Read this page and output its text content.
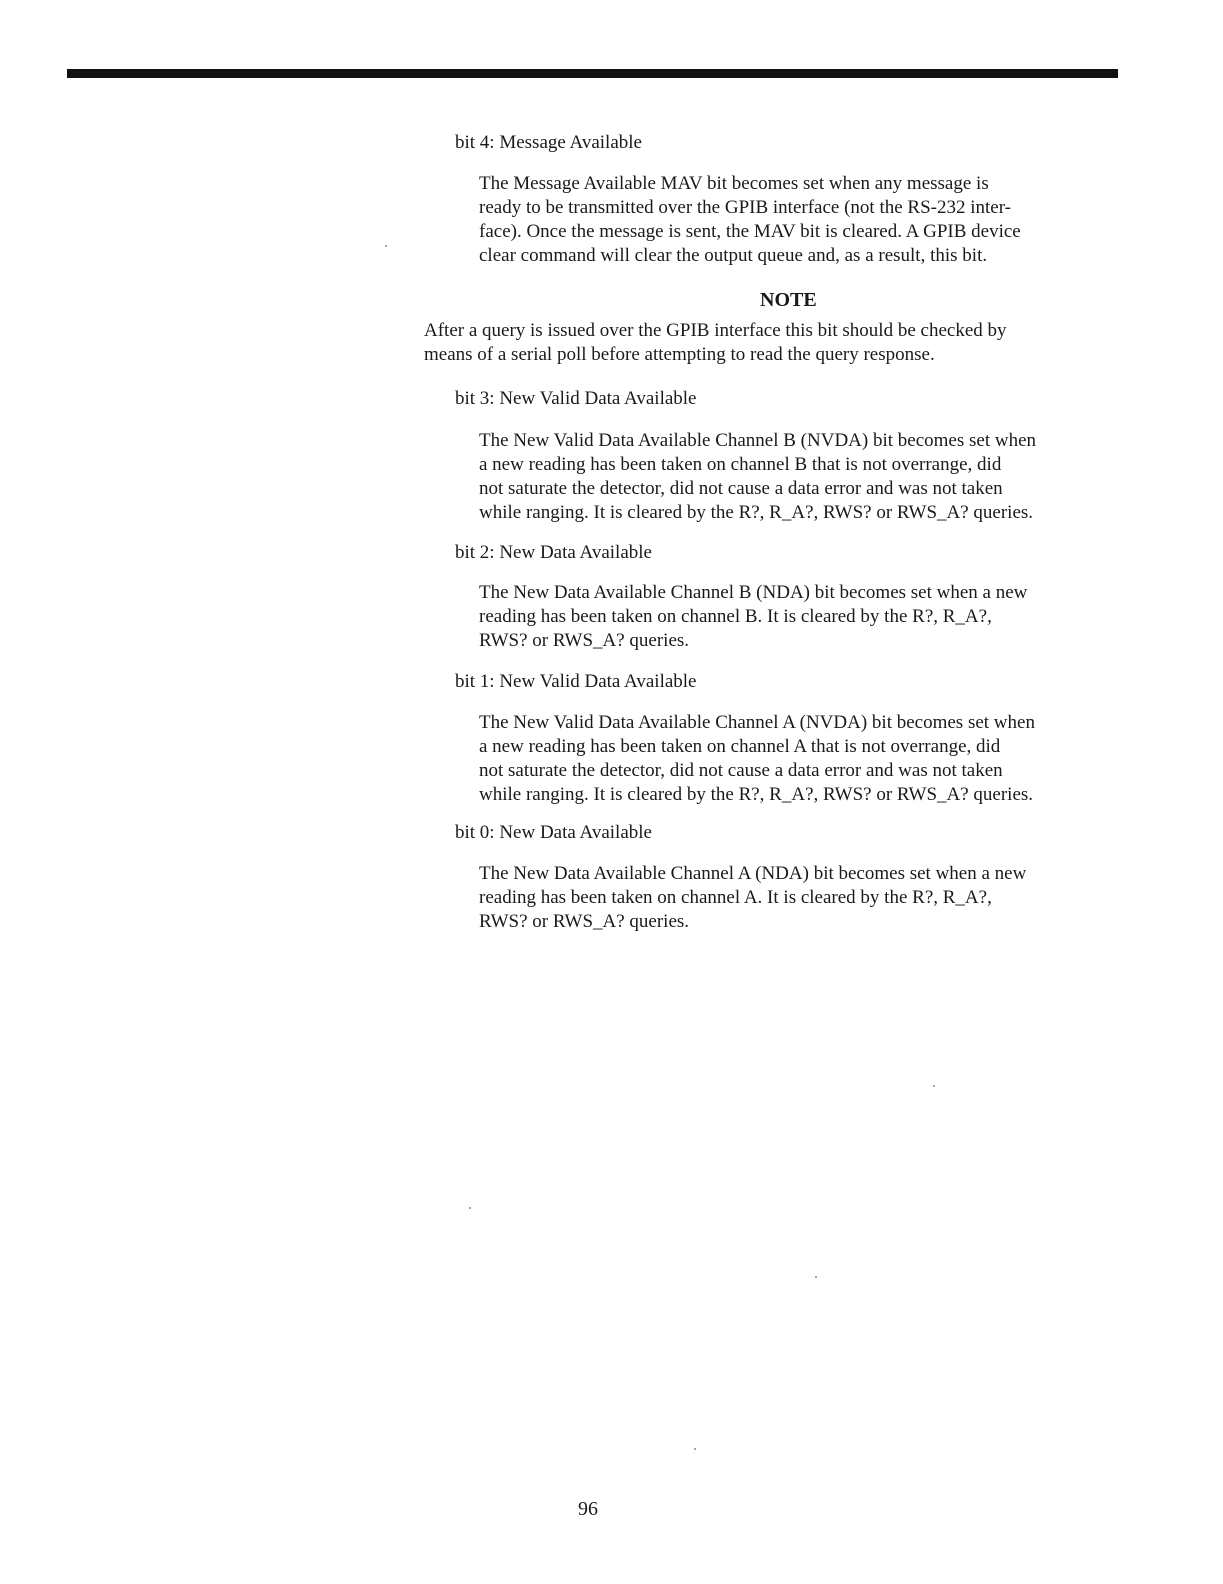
bit 4: Message Available
The Message Available MAV bit becomes set when any message is
ready to be transmitted over the GPIB interface (not the RS-232 inter-
face). Once the message is sent, the MAV bit is cleared. A GPIB device
clear command will clear the output queue and, as a result, this bit.
NOTE
After a query is issued over the GPIB interface this bit should be checked by
means of a serial poll before attempting to read the query response.
bit 3: New Valid Data Available
The New Valid Data Available Channel B (NVDA) bit becomes set when
a new reading has been taken on channel B that is not overrange, did
not saturate the detector, did not cause a data error and was not taken
while ranging. It is cleared by the R?, R_A?, RWS? or RWS_A? queries.
bit 2: New Data Available
The New Data Available Channel B (NDA) bit becomes set when a new
reading has been taken on channel B. It is cleared by the R?, R_A?,
RWS? or RWS_A? queries.
bit 1: New Valid Data Available
The New Valid Data Available Channel A (NVDA) bit becomes set when
a new reading has been taken on channel A that is not overrange, did
not saturate the detector, did not cause a data error and was not taken
while ranging. It is cleared by the R?, R_A?, RWS? or RWS_A? queries.
bit 0: New Data Available
The New Data Available Channel A (NDA) bit becomes set when a new
reading has been taken on channel A. It is cleared by the R?, R_A?,
RWS? or RWS_A? queries.
96
